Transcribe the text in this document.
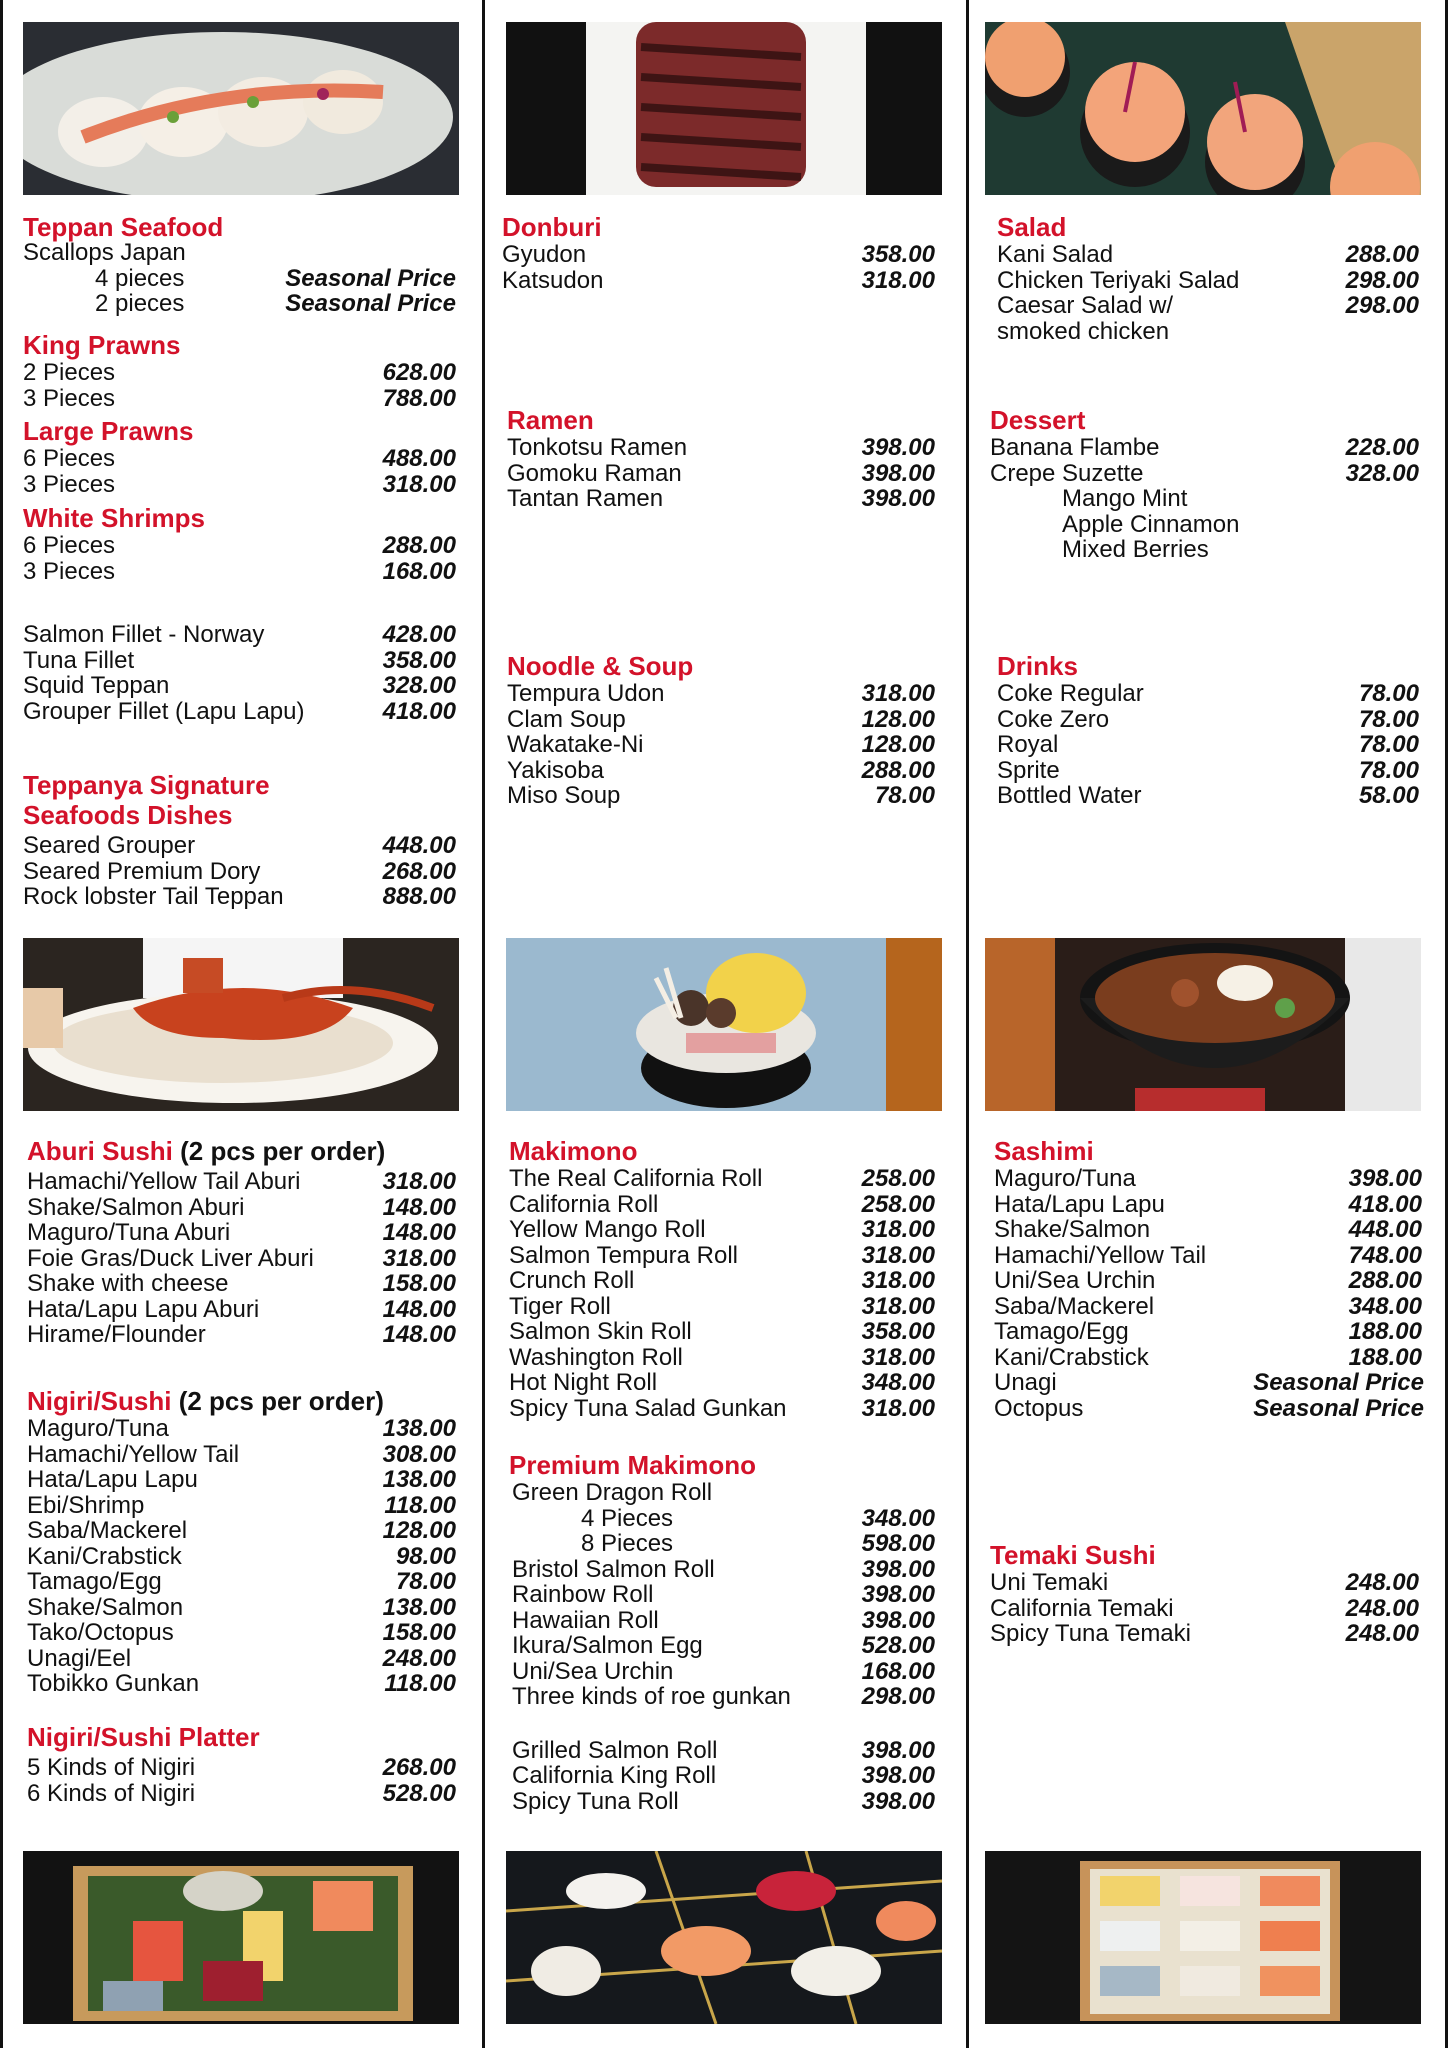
Teppan Seafood
Scallops Japan
4 pieces	Seasonal Price
2 pieces	Seasonal Price
King Prawns
2 Pieces	628.00
3 Pieces	788.00
Large Prawns
6 Pieces	488.00
3 Pieces	318.00
White Shrimps
6 Pieces	288.00
3 Pieces	168.00
Salmon Fillet - Norway	428.00
Tuna Fillet	358.00
Squid Teppan	328.00
Grouper Fillet (Lapu Lapu)	418.00
Teppanya Signature
Seafoods Dishes
Seared Grouper	448.00
Seared Premium Dory	268.00
Rock lobster Tail Teppan	888.00
Aburi Sushi (2 pcs per order)
Hamachi/Yellow Tail Aburi	318.00
Shake/Salmon Aburi	148.00
Maguro/Tuna Aburi	148.00
Foie Gras/Duck Liver Aburi	318.00
Shake with cheese	158.00
Hata/Lapu Lapu Aburi	148.00
Hirame/Flounder	148.00
Nigiri/Sushi (2 pcs per order)
Maguro/Tuna	138.00
Hamachi/Yellow Tail	308.00
Hata/Lapu Lapu	138.00
Ebi/Shrimp	118.00
Saba/Mackerel	128.00
Kani/Crabstick	98.00
Tamago/Egg	78.00
Shake/Salmon	138.00
Tako/Octopus	158.00
Unagi/Eel	248.00
Tobikko Gunkan	118.00
Nigiri/Sushi Platter
5 Kinds of Nigiri	268.00
6 Kinds of Nigiri	528.00
Donburi
Gyudon	358.00
Katsudon	318.00
Ramen
Tonkotsu Ramen	398.00
Gomoku Raman	398.00
Tantan Ramen	398.00
Noodle & Soup
Tempura Udon	318.00
Clam Soup	128.00
Wakatake-Ni	128.00
Yakisoba	288.00
Miso Soup	78.00
Makimono
The Real California Roll	258.00
California Roll	258.00
Yellow Mango Roll	318.00
Salmon Tempura Roll	318.00
Crunch Roll	318.00
Tiger Roll	318.00
Salmon Skin Roll	358.00
Washington Roll	318.00
Hot Night Roll	348.00
Spicy Tuna Salad Gunkan	318.00
Premium Makimono
Green Dragon Roll
4 Pieces	348.00
8 Pieces	598.00
Bristol Salmon Roll	398.00
Rainbow Roll	398.00
Hawaiian Roll	398.00
Ikura/Salmon Egg	528.00
Uni/Sea Urchin	168.00
Three kinds of roe gunkan	298.00
Grilled Salmon Roll	398.00
California King Roll	398.00
Spicy Tuna Roll	398.00
Salad
Kani Salad	288.00
Chicken Teriyaki Salad	298.00
Caesar Salad w/	298.00
smoked chicken
Dessert
Banana Flambe	228.00
Crepe Suzette	328.00
Mango Mint
Apple Cinnamon
Mixed Berries
Drinks
Coke Regular	78.00
Coke Zero	78.00
Royal	78.00
Sprite	78.00
Bottled Water	58.00
Sashimi
Maguro/Tuna	398.00
Hata/Lapu Lapu	418.00
Shake/Salmon	448.00
Hamachi/Yellow Tail	748.00
Uni/Sea Urchin	288.00
Saba/Mackerel	348.00
Tamago/Egg	188.00
Kani/Crabstick	188.00
Unagi	Seasonal Price
Octopus	Seasonal Price
Temaki Sushi
Uni Temaki	248.00
California Temaki	248.00
Spicy Tuna Temaki	248.00
